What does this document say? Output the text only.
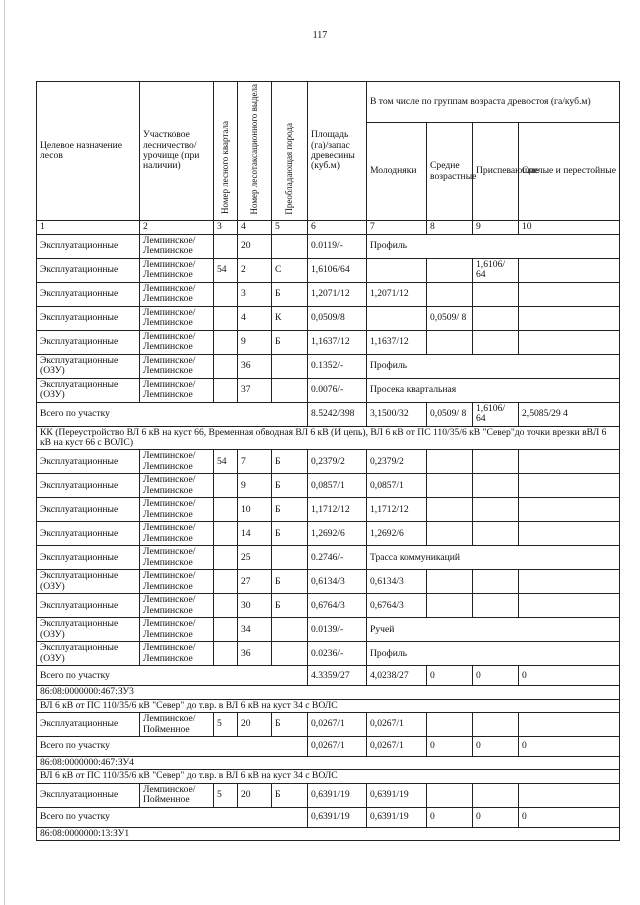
117
Целевое назначение лесов	Участковое лесничество/ урочище (при наличии)	Номер лесного квартала	Номер лесотаксационного выдела	Преобладающая порода	Площадь (га)/запас древесины (куб.м)	В том числе по группам возраста древостоя (га/куб.м)			
						Молодняки	Средне возрастные	Приспевающие	Спелые и перестойные
1	2	3	4	5	6	7	8	9	10
Эксплуатационные	Лемпинское/ Лемпинское		20		0.0119/-	Профиль			
Эксплуатационные	Лемпинское/ Лемпинское	54	2	С	1,6106/64			1,6106/ 64	
Эксплуатационные	Лемпинское/ Лемпинское		3	Б	1,2071/12	1,2071/12			
Эксплуатационные	Лемпинское/ Лемпинское		4	К	0,0509/8		0,0509/ 8		
Эксплуатационные	Лемпинское/ Лемпинское		9	Б	1,1637/12	1,1637/12			
Эксплуатационные (ОЗУ)	Лемпинское/ Лемпинское		36		0.1352/-	Профиль			
Эксплуатационные (ОЗУ)	Лемпинское/ Лемпинское		37		0.0076/-	Просека квартальная			
Всего по участку					8.5242/398	3,1500/32	0,0509/ 8	1,6106/ 64	2,5085/29 4
КК (Переустройство ВЛ 6 кВ на куст 66, Временная обводная ВЛ 6 кВ (И цепь), ВЛ 6 кВ от ПС 110/35/6 кВ "Север"до точки врезки вВЛ 6 кВ на куст 66 с ВОЛС)									
Эксплуатационные	Лемпинское/ Лемпинское	54	7	Б	0,2379/2	0,2379/2			
Эксплуатационные	Лемпинское/ Лемпинское		9	Б	0,0857/1	0,0857/1			
Эксплуатационные	Лемпинское/ Лемпинское		10	Б	1,1712/12	1,1712/12			
Эксплуатационные	Лемпинское/ Лемпинское		14	Б	1,2692/6	1,2692/6			
Эксплуатационные	Лемпинское/ Лемпинское		25		0.2746/-	Трасса коммуникаций			
Эксплуатационные (ОЗУ)	Лемпинское/ Лемпинское		27	Б	0,6134/3	0,6134/3			
Эксплуатационные	Лемпинское/ Лемпинское		30	Б	0,6764/3	0,6764/3			
Эксплуатационные (ОЗУ)	Лемпинское/ Лемпинское		34		0.0139/-	Ручей			
Эксплуатационные (ОЗУ)	Лемпинское/ Лемпинское		36		0.0236/-	Профиль			
Всего по участку					4.3359/27	4,0238/27	0	0	0
86:08:0000000:467:ЗУ3									
ВЛ 6 кВ от ПС 110/35/6 кВ "Север" до т.вр. в ВЛ 6 кВ на куст 34 с ВОЛС									
Эксплуатационные	Лемпинское/ Пойменное	5	20	Б	0,0267/1	0,0267/1			
Всего по участку					0,0267/1	0,0267/1	0	0	0
86:08:0000000:467:ЗУ4									
ВЛ 6 кВ от ПС 110/35/6 кВ "Север" до т.вр. в ВЛ 6 кВ на куст 34 с ВОЛС									
Эксплуатационные	Лемпинское/ Пойменное	5	20	Б	0,6391/19	0,6391/19			
Всего по участку					0,6391/19	0,6391/19	0	0	0
86:08:0000000:13:ЗУ1									
